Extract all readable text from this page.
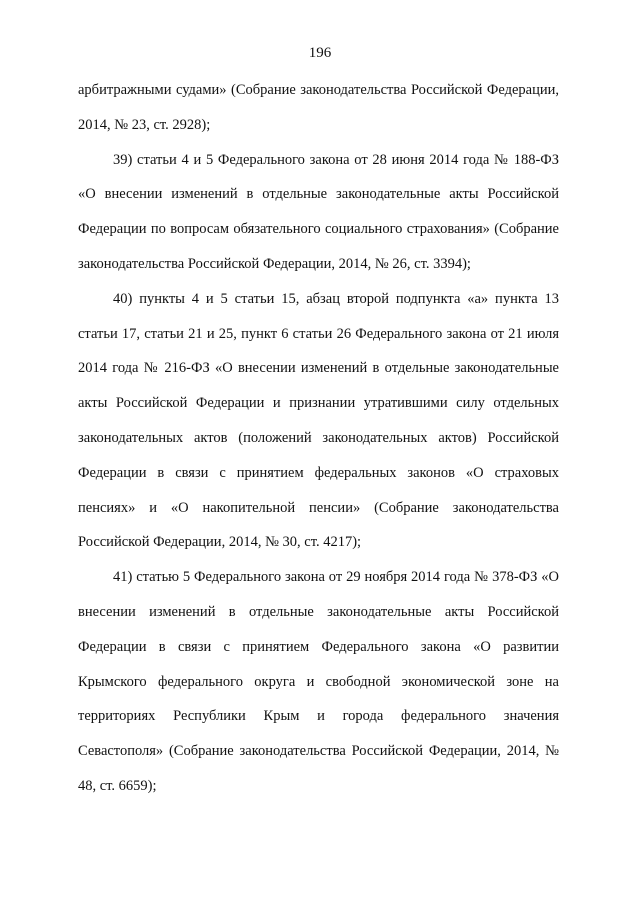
196

арбитражными судами» (Собрание законодательства Российской Федерации, 2014, № 23, ст. 2928);

39) статьи 4 и 5 Федерального закона от 28 июня 2014 года № 188-ФЗ «О внесении изменений в отдельные законодательные акты Российской Федерации по вопросам обязательного социального страхования» (Собрание законодательства Российской Федерации, 2014, № 26, ст. 3394);

40) пункты 4 и 5 статьи 15, абзац второй подпункта «а» пункта 13 статьи 17, статьи 21 и 25, пункт 6 статьи 26 Федерального закона от 21 июля 2014 года № 216-ФЗ «О внесении изменений в отдельные законодательные акты Российской Федерации и признании утратившими силу отдельных законодательных актов (положений законодательных актов) Российской Федерации в связи с принятием федеральных законов «О страховых пенсиях» и «О накопительной пенсии» (Собрание законодательства Российской Федерации, 2014, № 30, ст. 4217);

41) статью 5 Федерального закона от 29 ноября 2014 года № 378-ФЗ «О внесении изменений в отдельные законодательные акты Российской Федерации в связи с принятием Федерального закона «О развитии Крымского федерального округа и свободной экономической зоне на территориях Республики Крым и города федерального значения Севастополя» (Собрание законодательства Российской Федерации, 2014, № 48, ст. 6659);
